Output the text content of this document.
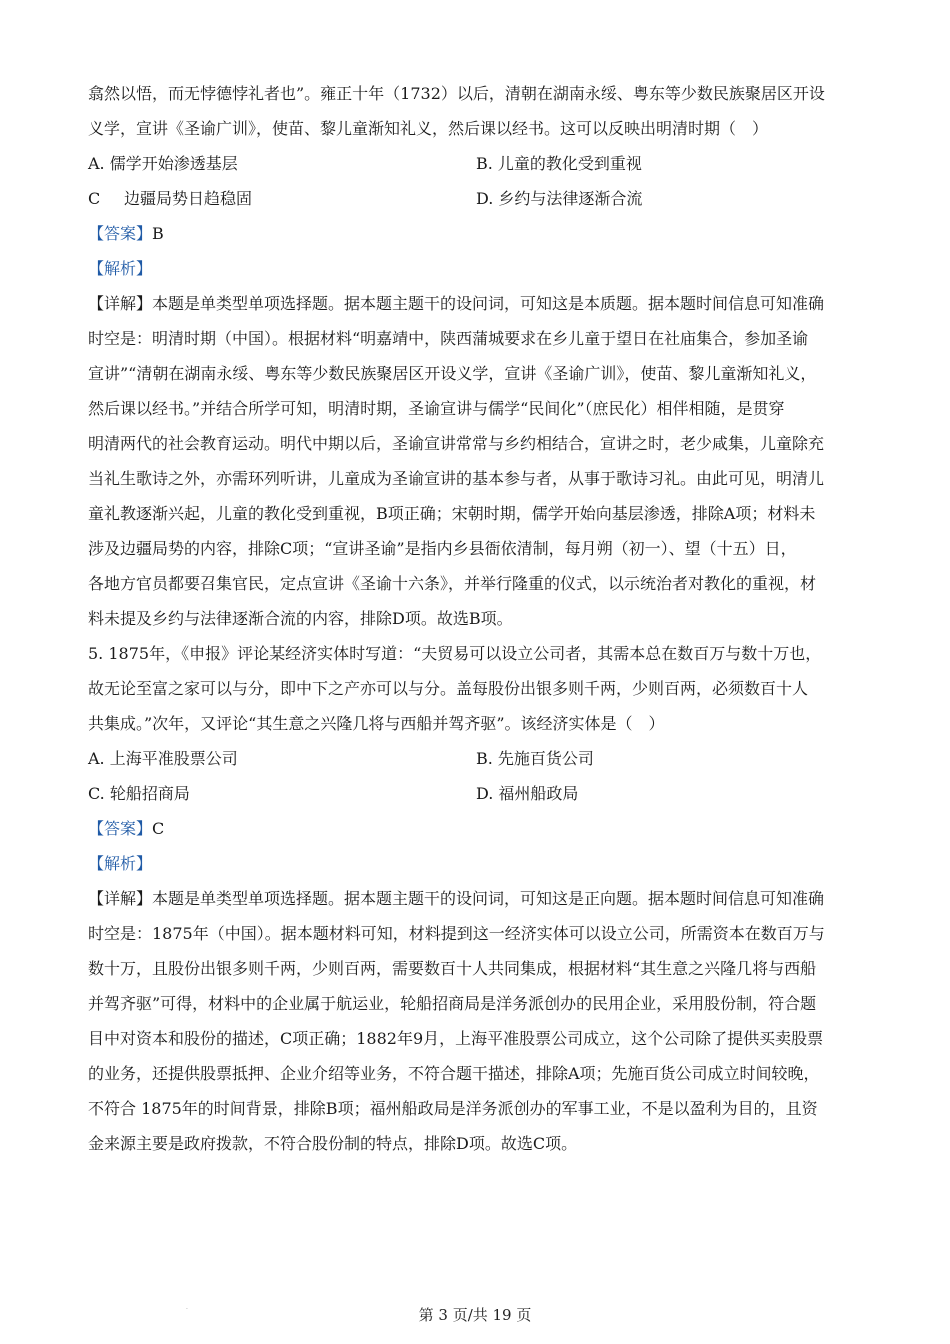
翕然以悟，而无悖德悖礼者也”。雍正十年（1732）以后，清朝在湖南永绥、粤东等少数民族聚居区开设

义学，宣讲《圣谕广训》，使苗、黎儿童渐知礼义，然后课以经书。这可以反映出明清时期（　）

A. 儒学开始渗透基层	B. 儿童的教化受到重视
C 边疆局势日趋稳固	D. 乡约与法律逐渐合流

【答案】B

【解析】

【详解】本题是单类型单项选择题。据本题主题干的设问词，可知这是本质题。据本题时间信息可知准确

时空是：明清时期（中国）。根据材料“明嘉靖中，陕西蒲城要求在乡儿童于望日在社庙集合，参加圣谕

宣讲”“清朝在湖南永绥、粤东等少数民族聚居区开设义学，宣讲《圣谕广训》，使苗、黎儿童渐知礼义，

然后课以经书。”并结合所学可知，明清时期，圣谕宣讲与儒学“民间化”（庶民化）相伴相随，是贯穿

明清两代的社会教育运动。明代中期以后，圣谕宣讲常常与乡约相结合，宣讲之时，老少咸集，儿童除充

当礼生歌诗之外，亦需环列听讲，儿童成为圣谕宣讲的基本参与者，从事于歌诗习礼。由此可见，明清儿

童礼教逐渐兴起，儿童的教化受到重视，B项正确；宋朝时期，儒学开始向基层渗透，排除A项；材料未

涉及边疆局势的内容，排除C项；“宣讲圣谕”是指内乡县衙依清制，每月朔（初一）、望（十五）日，

各地方官员都要召集官民，定点宣讲《圣谕十六条》，并举行隆重的仪式，以示统治者对教化的重视，材

料未提及乡约与法律逐渐合流的内容，排除D项。故选B项。

5. 1875年，《申报》评论某经济实体时写道：“夫贸易可以设立公司者，其需本总在数百万与数十万也，

故无论至富之家可以与分，即中下之产亦可以与分。盖每股份出银多则千两，少则百两，必须数百十人

共集成。”次年，又评论“其生意之兴隆几将与西船并驾齐驱”。该经济实体是（　）

A. 上海平准股票公司	B. 先施百货公司
C. 轮船招商局	D. 福州船政局

【答案】C

【解析】

【详解】本题是单类型单项选择题。据本题主题干的设问词，可知这是正向题。据本题时间信息可知准确

时空是：1875年（中国）。据本题材料可知，材料提到这一经济实体可以设立公司，所需资本在数百万与

数十万，且股份出银多则千两，少则百两，需要数百十人共同集成，根据材料“其生意之兴隆几将与西船

并驾齐驱”可得，材料中的企业属于航运业，轮船招商局是洋务派创办的民用企业，采用股份制，符合题

目中对资本和股份的描述，C项正确；1882年9月，上海平准股票公司成立，这个公司除了提供买卖股票

的业务，还提供股票抵押、企业介绍等业务，不符合题干描述，排除A项；先施百货公司成立时间较晚，

不符合 1875年的时间背景，排除B项；福州船政局是洋务派创办的军事工业，不是以盈利为目的，且资

金来源主要是政府拨款，不符合股份制的特点，排除D项。故选C项。

·	第 3 页/共 19 页
